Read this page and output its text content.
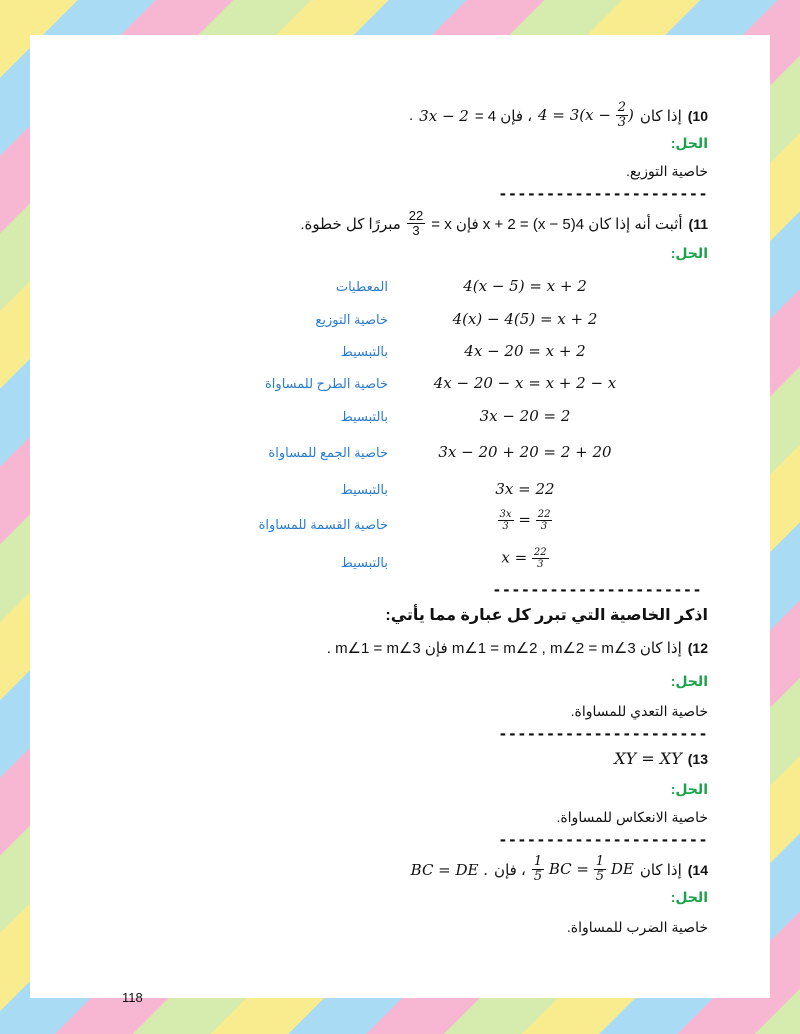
10)
إذا كان
$4 = 3(x - \frac{2}{3}$ )
، فإن 4 =
3x − 2
.
الحل:
خاصية التوزيع.
----------------------
11)
أثبت أنه إذا كان 4(x − 5) = x + 2 فإن x =
$\frac{22}{3}$
مبررًا كل خطوة.
الحل:
4(x − 5) = x + 2
المعطيات
4(x) − 4(5) = x + 2
خاصية التوزيع
4x − 20 = x + 2
بالتبسيط
4x − 20 − x = x + 2 − x
خاصية الطرح للمساواة
3x − 20 = 2
بالتبسيط
3x − 20 + 20 = 2 + 20
خاصية الجمع للمساواة
3x = 22
بالتبسيط
$\frac{3x}{3} = \frac{22}{3}$
خاصية القسمة للمساواة
$x = \frac{22}{3}$
بالتبسيط
----------------------
اذكر الخاصية التي تبرر كل عبارة مما يأتي:
12)
إذا كان m∠1 = m∠2 , m∠2 = m∠3 فإن m∠1 = m∠3 .
الحل:
خاصية التعدي للمساواة.
----------------------
13)
XY = XY
الحل:
خاصية الانعكاس للمساواة.
----------------------
14)
إذا كان
$\frac{1}{5}$ BC = $\frac{1}{5}$ DE
، فإن
BC = DE .
الحل:
خاصية الضرب للمساواة.
118
